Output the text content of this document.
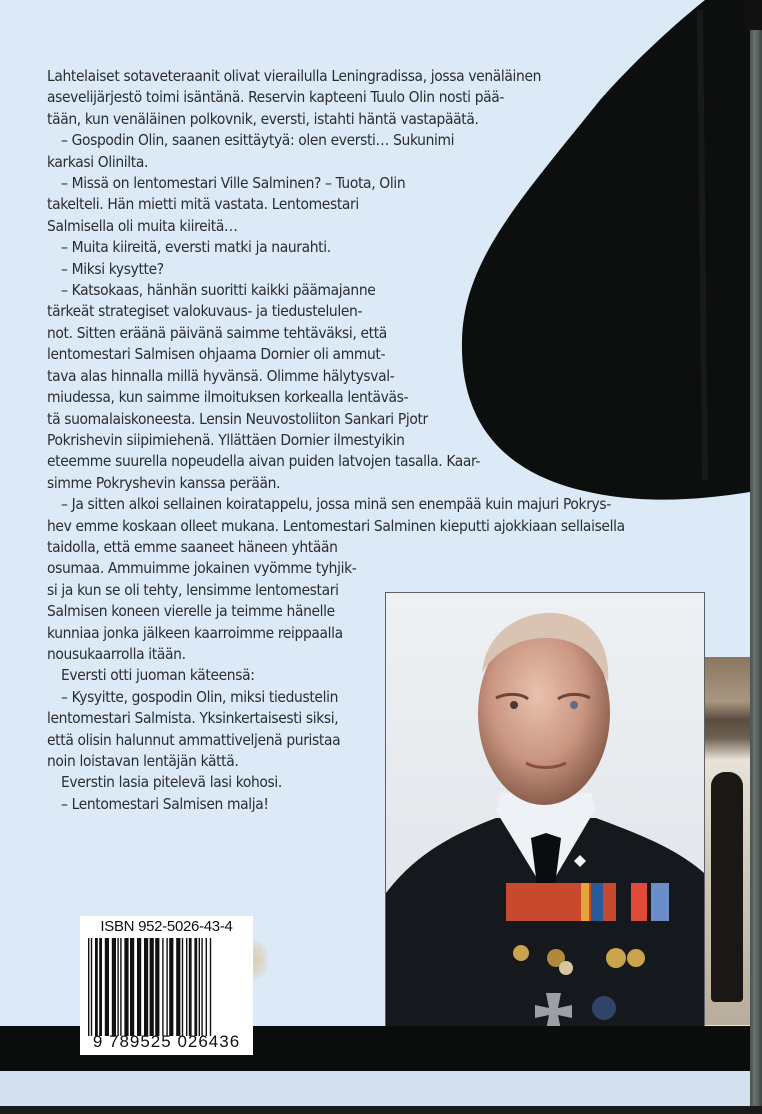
Lahtelaiset sotaveteraanit olivat vierailulla Leningradissa, jossa venäläinen

asevelijärjestö toimi isäntänä. Reservin kapteeni Tuulo Olin nosti pää-

tään, kun venäläinen polkovnik, eversti, istahti häntä vastapäätä.

– Gospodin Olin, saanen esittäytyä: olen eversti… Sukunimi

karkasi Olinilta.

– Missä on lentomestari Ville Salminen? – Tuota, Olin

takelteli. Hän mietti mitä vastata. Lentomestari

Salmisella oli muita kiireitä…

– Muita kiireitä, eversti matki ja naurahti.

– Miksi kysytte?

– Katsokaas, hänhän suoritti kaikki päämajanne

tärkeät strategiset valokuvaus- ja tiedustelulen-

not. Sitten eräänä päivänä saimme tehtäväksi, että

lentomestari Salmisen ohjaama Dornier oli ammut-

tava alas hinnalla millä hyvänsä. Olimme hälytysval-

miudessa, kun saimme ilmoituksen korkealla lentäväs-

tä suomalaiskoneesta. Lensin Neuvostoliiton Sankari Pjotr

Pokrishevin siipimiehenä. Yllättäen Dornier ilmestyikin

eteemme suurella nopeudella aivan puiden latvojen tasalla. Kaar-

simme Pokryshevin kanssa perään.

– Ja sitten alkoi sellainen koiratappelu, jossa minä sen enempää kuin majuri Pokrys-

hev emme koskaan olleet mukana. Lentomestari Salminen kieputti ajokkiaan sellaisella

taidolla, että emme saaneet häneen yhtään

osumaa. Ammuimme jokainen vyömme tyhjik-

si ja kun se oli tehty, lensimme lentomestari

Salmisen koneen vierelle ja teimme hänelle

kunniaa jonka jälkeen kaarroimme reippaalla

nousukaarrolla itään.

Eversti otti juoman käteensä:

– Kysyitte, gospodin Olin, miksi tiedustelin

lentomestari Salmista. Yksinkertaisesti siksi,

että olisin halunnut ammattiveljenä puristaa

noin loistavan lentäjän kättä.

Everstin lasia pitelevä lasi kohosi.

– Lentomestari Salmisen malja!

ISBN 952-5026-43-4
9 789525 026436
